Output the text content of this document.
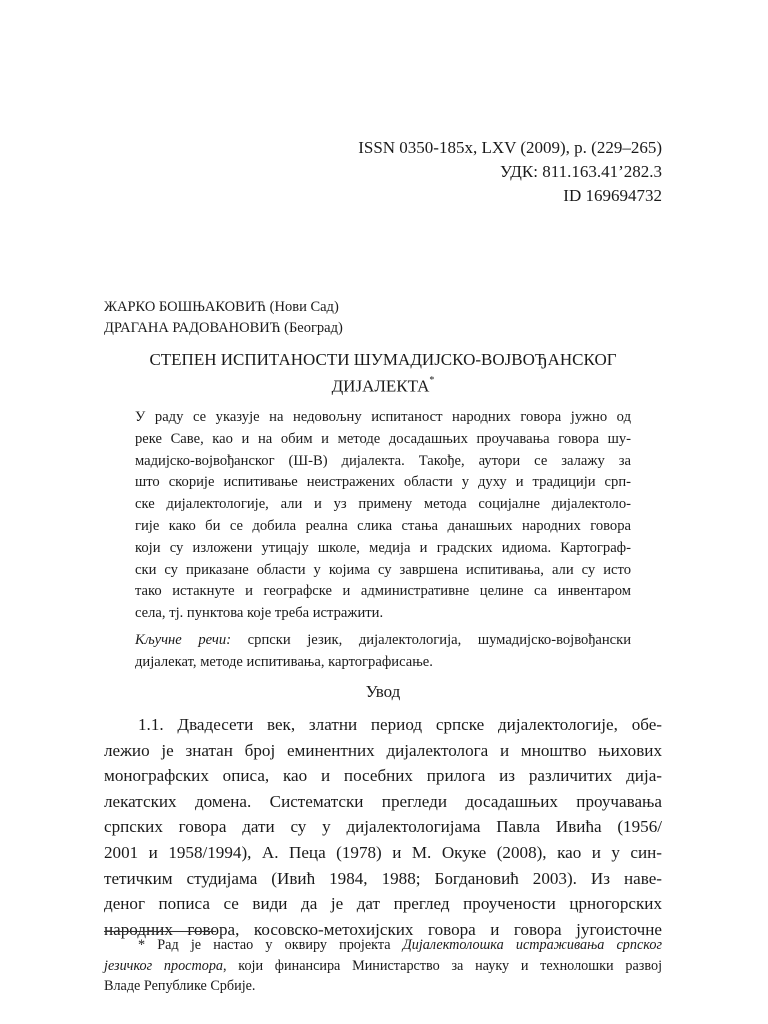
ISSN 0350-185x, LXV (2009), p. (229–265)
УДК: 811.163.41’282.3
ID 169694732
ЖАРКО БОШЊАКОВИЋ (Нови Сад)
ДРАГАНА РАДОВАНОВИЋ (Београд)
СТЕПЕН ИСПИТАНОСТИ ШУМАДИЈСКО-ВОЈВОЂАНСКОГ
ДИЈАЛЕКТА*
У раду се указује на недовољну испитаност народних говора јужно од
реке Саве, као и на обим и методе досадашњих проучавања говора шу-
мадијско-војвођанског (Ш-В) дијалекта. Такође, аутори се залажу за
што скорије испитивање неистражених области у духу и традицији срп-
ске дијалектологије, али и уз примену метода социјалне дијалектоло-
гије како би се добила реална слика стања данашњих народних говора
који су изложени утицају школе, медија и градских идиома. Картограф-
ски су приказане области у којима су завршена испитивања, али су исто
тако истакнуте и географске и административне целине са инвентаром
села, тј. пунктова које треба истражити.
Кључне речи: српски језик, дијалектологија, шумадијско-војвођански
дијалекат, методе испитивања, картографисање.
Увод
1.1. Двадесети век, златни период српске дијалектологије, обе-
лежио је знатан број еминентних дијалектолога и мноштво њихових
монографских описа, као и посебних прилога из различитих дија-
лекатских домена. Систематски прегледи досадашњих проучавања
српских говора дати су у дијалектологијама Павла Ивића (1956/
2001 и 1958/1994), А. Пеца (1978) и М. Окуке (2008), као и у син-
тетичким студијама (Ивић 1984, 1988; Богдановић 2003). Из наве-
деног пописа се види да је дат преглед проучености црногорских
народних говора, косовско-метохијских говора и говора југоисточне
* Рад је настао у оквиру пројекта Дијалектолошка истраживања српског
језичког простора, који финансира Министарство за науку и технолошки развој
Владе Републике Србије.
